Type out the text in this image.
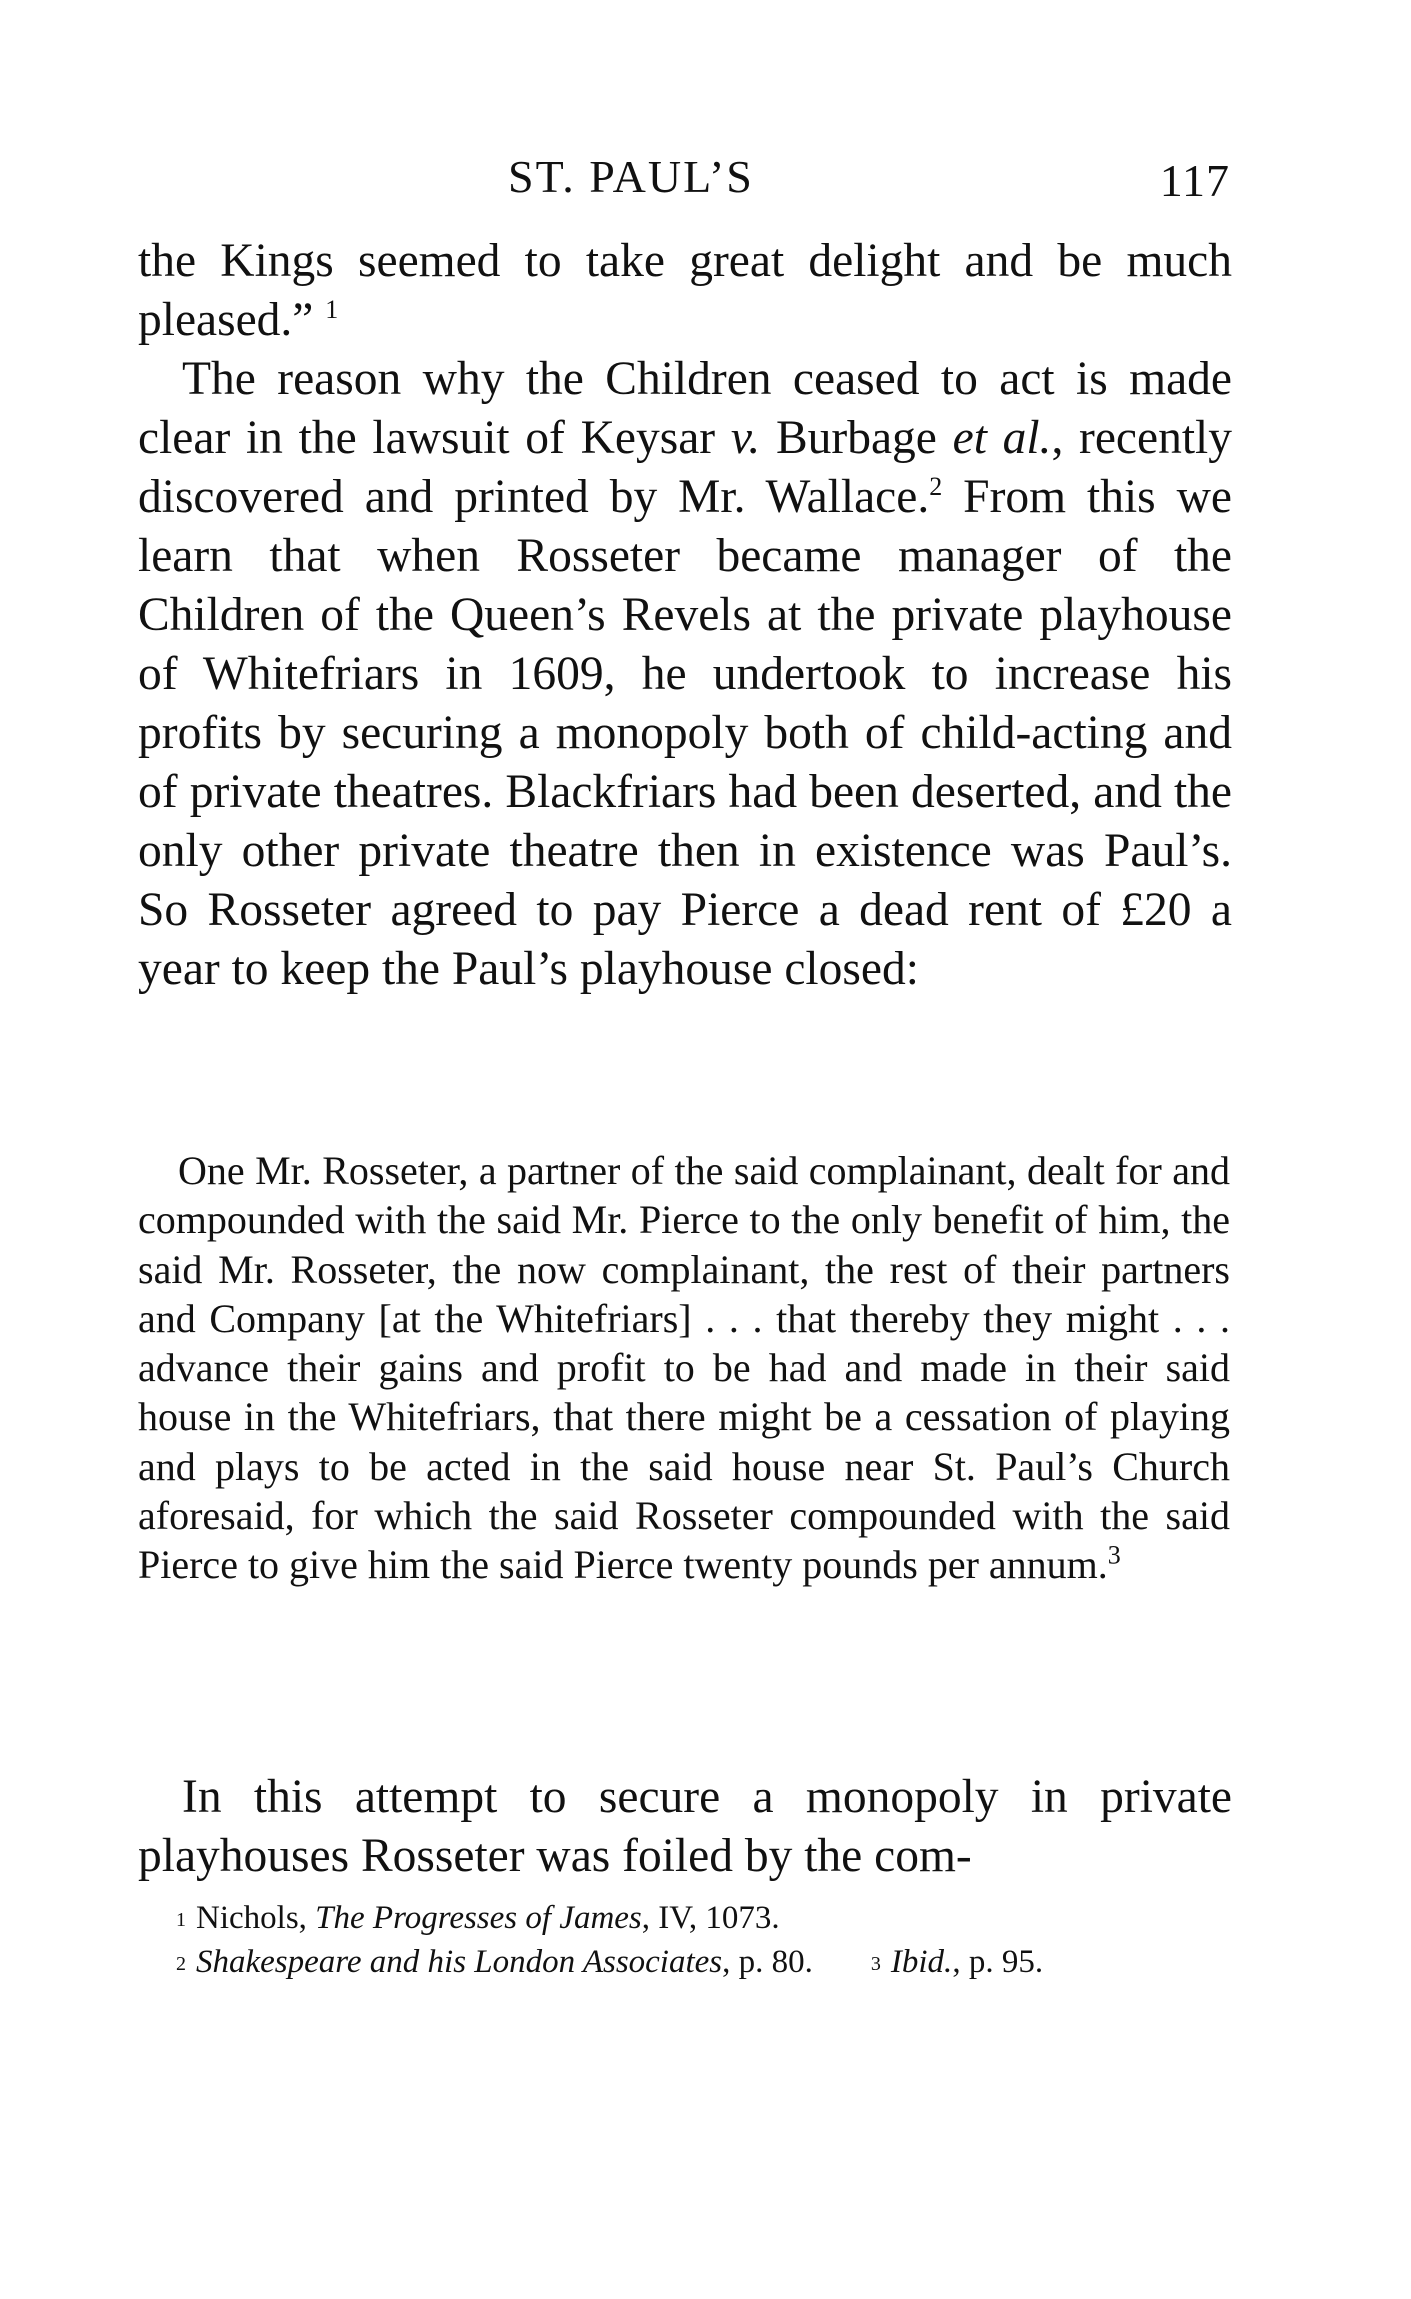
ST. PAUL’S	117

the Kings seemed to take great delight and be much pleased.” $^1$

The reason why the Children ceased to act is made clear in the lawsuit of Keysar v. Burbage et al., recently discovered and printed by Mr. Wallace.$^2$ From this we learn that when Rosseter became manager of the Children of the Queen’s Revels at the private playhouse of Whitefriars in 1609, he undertook to increase his profits by securing a monopoly both of child-acting and of private theatres. Blackfriars had been deserted, and the only other private theatre then in existence was Paul’s. So Rosseter agreed to pay Pierce a dead rent of £20 a year to keep the Paul’s playhouse closed:

One Mr. Rosseter, a partner of the said complainant, dealt for and compounded with the said Mr. Pierce to the only benefit of him, the said Mr. Rosseter, the now complainant, the rest of their partners and Company [at the Whitefriars] . . . that thereby they might . . . advance their gains and profit to be had and made in their said house in the Whitefriars, that there might be a cessation of playing and plays to be acted in the said house near St. Paul’s Church aforesaid, for which the said Rosseter compounded with the said Pierce to give him the said Pierce twenty pounds per annum.$^3$

In this attempt to secure a monopoly in private playhouses Rosseter was foiled by the com-

$^1$ Nichols, The Progresses of James, IV, 1073.
$^2$ Shakespeare and his London Associates, p. 80.	$^3$ Ibid., p. 95.
